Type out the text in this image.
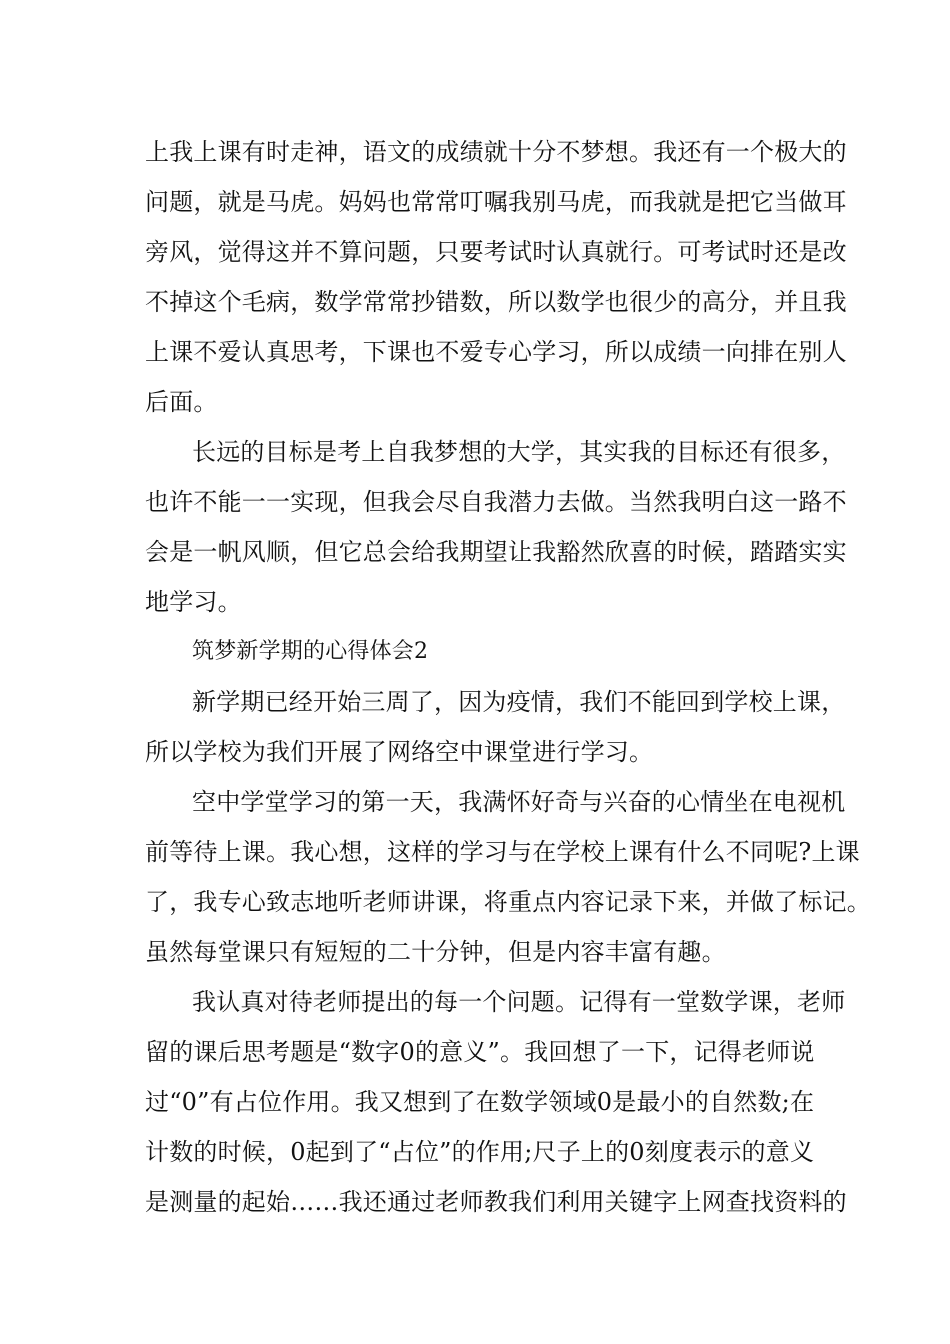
上我上课有时走神，语文的成绩就十分不梦想。我还有一个极大的
问题，就是马虎。妈妈也常常叮嘱我别马虎，而我就是把它当做耳
旁风，觉得这并不算问题，只要考试时认真就行。可考试时还是改
不掉这个毛病，数学常常抄错数，所以数学也很少的高分，并且我
上课不爱认真思考，下课也不爱专心学习，所以成绩一向排在别人
后面。
长远的目标是考上自我梦想的大学，其实我的目标还有很多，
也许不能一一实现，但我会尽自我潜力去做。当然我明白这一路不
会是一帆风顺，但它总会给我期望让我豁然欣喜的时候，踏踏实实
地学习。
筑梦新学期的心得体会2
新学期已经开始三周了，因为疫情，我们不能回到学校上课，
所以学校为我们开展了网络空中课堂进行学习。
空中学堂学习的第一天，我满怀好奇与兴奋的心情坐在电视机
前等待上课。我心想，这样的学习与在学校上课有什么不同呢?上课
了，我专心致志地听老师讲课，将重点内容记录下来，并做了标记。
虽然每堂课只有短短的二十分钟，但是内容丰富有趣。
我认真对待老师提出的每一个问题。记得有一堂数学课，老师
留的课后思考题是“数字0的意义”。我回想了一下，记得老师说
过“0”有占位作用。我又想到了在数学领域0是最小的自然数;在
计数的时候，0起到了“占位”的作用;尺子上的0刻度表示的意义
是测量的起始……我还通过老师教我们利用关键字上网查找资料的
